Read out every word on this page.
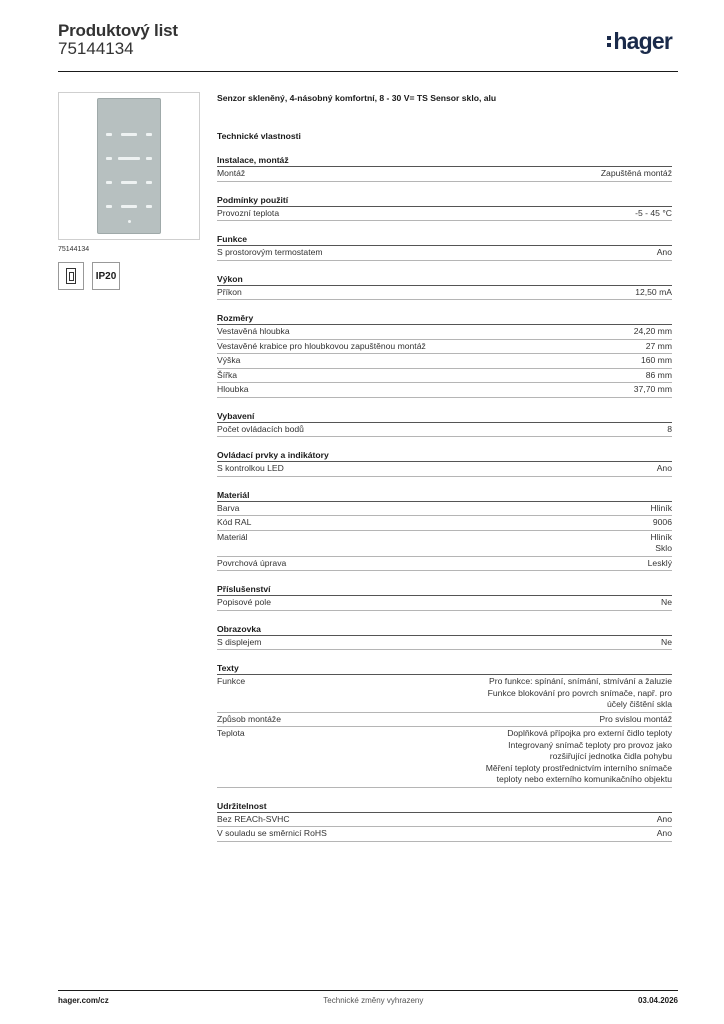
Produktový list
75144134	hager
75144134
IP20
Senzor skleněný, 4-násobný komfortní, 8 - 30 V= TS Sensor sklo, alu
Technické vlastnosti
Instalace, montáž
Montáž	Zapuštěná montáž
Podmínky použití
Provozní teplota	-5 - 45 °C
Funkce
S prostorovým termostatem	Ano
Výkon
Příkon	12,50 mA
Rozměry
Vestavěná hloubka	24,20 mm
Vestavěné krabice pro hloubkovou zapuštěnou montáž	27 mm
Výška	160 mm
Šířka	86 mm
Hloubka	37,70 mm
Vybavení
Počet ovládacích bodů	8
Ovládací prvky a indikátory
S kontrolkou LED	Ano
Materiál
Barva	Hliník
Kód RAL	9006
Materiál	Hliník
Sklo
Povrchová úprava	Lesklý
Příslušenství
Popisové pole	Ne
Obrazovka
S displejem	Ne
Texty
Funkce	Pro funkce: spínání, snímání, stmívání a žaluzie
Funkce blokování pro povrch snímače, např. pro
účely čištění skla
Způsob montáže	Pro svislou montáž
Teplota	Doplňková přípojka pro externí čidlo teploty
Integrovaný snímač teploty pro provoz jako
rozšiřující jednotka čidla pohybu
Měření teploty prostřednictvím interního snímače
teploty nebo externího komunikačního objektu
Udržitelnost
Bez REACh-SVHC	Ano
V souladu se směrnicí RoHS	Ano
hager.com/cz	Technické změny vyhrazeny	03.04.2026
